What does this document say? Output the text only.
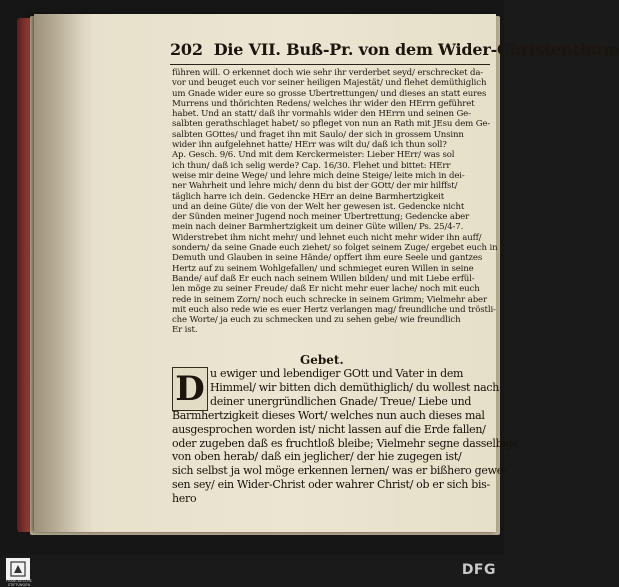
202 Die VII. Buß-Pr. von dem Wider-Christenthum
führen will. O erkennet doch wie sehr ihr verderbet seyd/ erschrecket da-
vor und beuget euch vor seiner heiligen Majestät/ und flehet demüthiglich
um Gnade wider eure so grosse Ubertrettungen/ und dieses an statt eures
Murrens und thörichten Redens/ welches ihr wider den HErrn geführet
habet. Und an statt/ daß ihr vormahls wider den HErrn und seinen Ge-
salbten gerathschlaget habet/ so pfleget von nun an Rath mit JEsu dem Ge-
salbten GOttes/ und fraget ihn mit Saulo/ der sich in grossem Unsinn
wider ihn aufgelehnet hatte/ HErr was wilt du/ daß ich thun soll?
Ap. Gesch. 9/6. Und mit dem Kerckermeister: Lieber HErr/ was sol
ich thun/ daß ich selig werde? Cap. 16/30. Flehet und bittet: HErr
weise mir deine Wege/ und lehre mich deine Steige/ leite mich in dei-
ner Wahrheit und lehre mich/ denn du bist der GOtt/ der mir hilffst/
täglich harre ich dein. Gedencke HErr an deine Barmhertzigkeit
und an deine Güte/ die von der Welt her gewesen ist. Gedencke nicht
der Sünden meiner Jugend noch meiner Ubertrettung; Gedencke aber
mein nach deiner Barmhertzigkeit um deiner Güte willen/ Ps. 25/4-7.
Widerstrebet ihm nicht mehr/ und lehnet euch nicht mehr wider ihn auff/
sondern/ da seine Gnade euch ziehet/ so folget seinem Zuge/ ergebet euch in
Demuth und Glauben in seine Hände/ opffert ihm eure Seele und gantzes
Hertz auf zu seinem Wohlgefallen/ und schmieget euren Willen in seine
Bande/ auf daß Er euch nach seinem Willen bilden/ und mit Liebe erfül-
len möge zu seiner Freude/ daß Er nicht mehr euer lache/ noch mit euch
rede in seinem Zorn/ noch euch schrecke in seinem Grimm; Vielmehr aber
mit euch also rede wie es euer Hertz verlangen mag/ freundliche und tröstli-
che Worte/ ja euch zu schmecken und zu sehen gebe/ wie freundlich
Er ist.
Gebet.
D u ewiger und lebendiger GOtt und Vater in dem
Himmel/ wir bitten dich demüthiglich/ du wollest nach
deiner unergründlichen Gnade/ Treue/ Liebe und
Barmhertzigkeit dieses Wort/ welches nun auch dieses mal
ausgesprochen worden ist/ nicht lassen auf die Erde fallen/
oder zugeben daß es fruchtloß bleibe; Vielmehr segne dasselbige
von oben herab/ daß ein jeglicher/ der hie zugegen ist/
sich selbst ja wol möge erkennen lernen/ was er bißhero gewe-
sen sey/ ein Wider-Christ oder wahrer Christ/ ob er sich bis-
hero
FRANCKESCHE STIFTUNGEN
DFG
